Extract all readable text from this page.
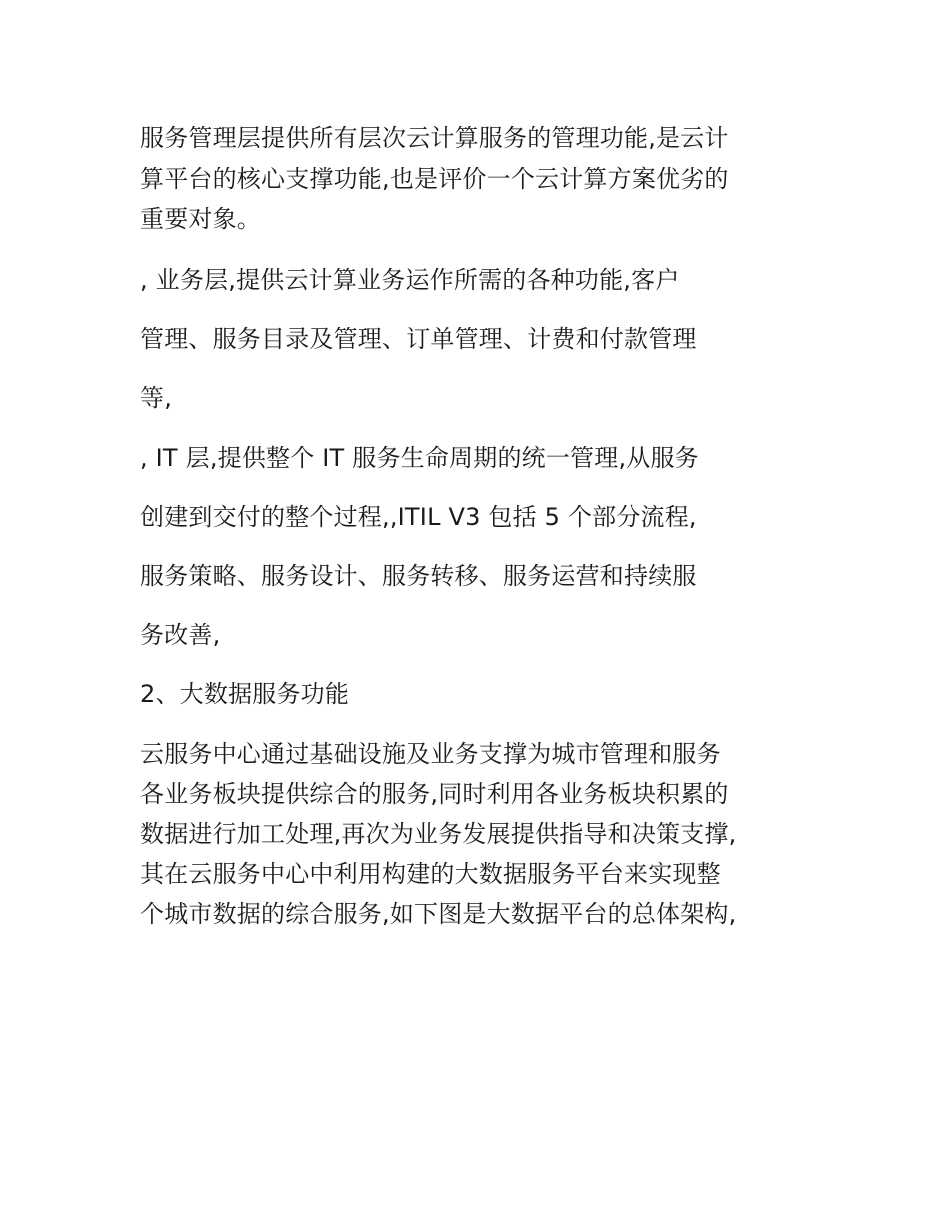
服务管理层提供所有层次云计算服务的管理功能,是云计
算平台的核心支撑功能,也是评价一个云计算方案优劣的
重要对象。
, 业务层,提供云计算业务运作所需的各种功能,客户
管理、服务目录及管理、订单管理、计费和付款管理
等,
, IT 层,提供整个 IT 服务生命周期的统一管理,从服务
创建到交付的整个过程,,ITIL V3 包括 5 个部分流程,
服务策略、服务设计、服务转移、服务运营和持续服
务改善,
2、大数据服务功能
云服务中心通过基础设施及业务支撑为城市管理和服务
各业务板块提供综合的服务,同时利用各业务板块积累的
数据进行加工处理,再次为业务发展提供指导和决策支撑,
其在云服务中心中利用构建的大数据服务平台来实现整
个城市数据的综合服务,如下图是大数据平台的总体架构,
